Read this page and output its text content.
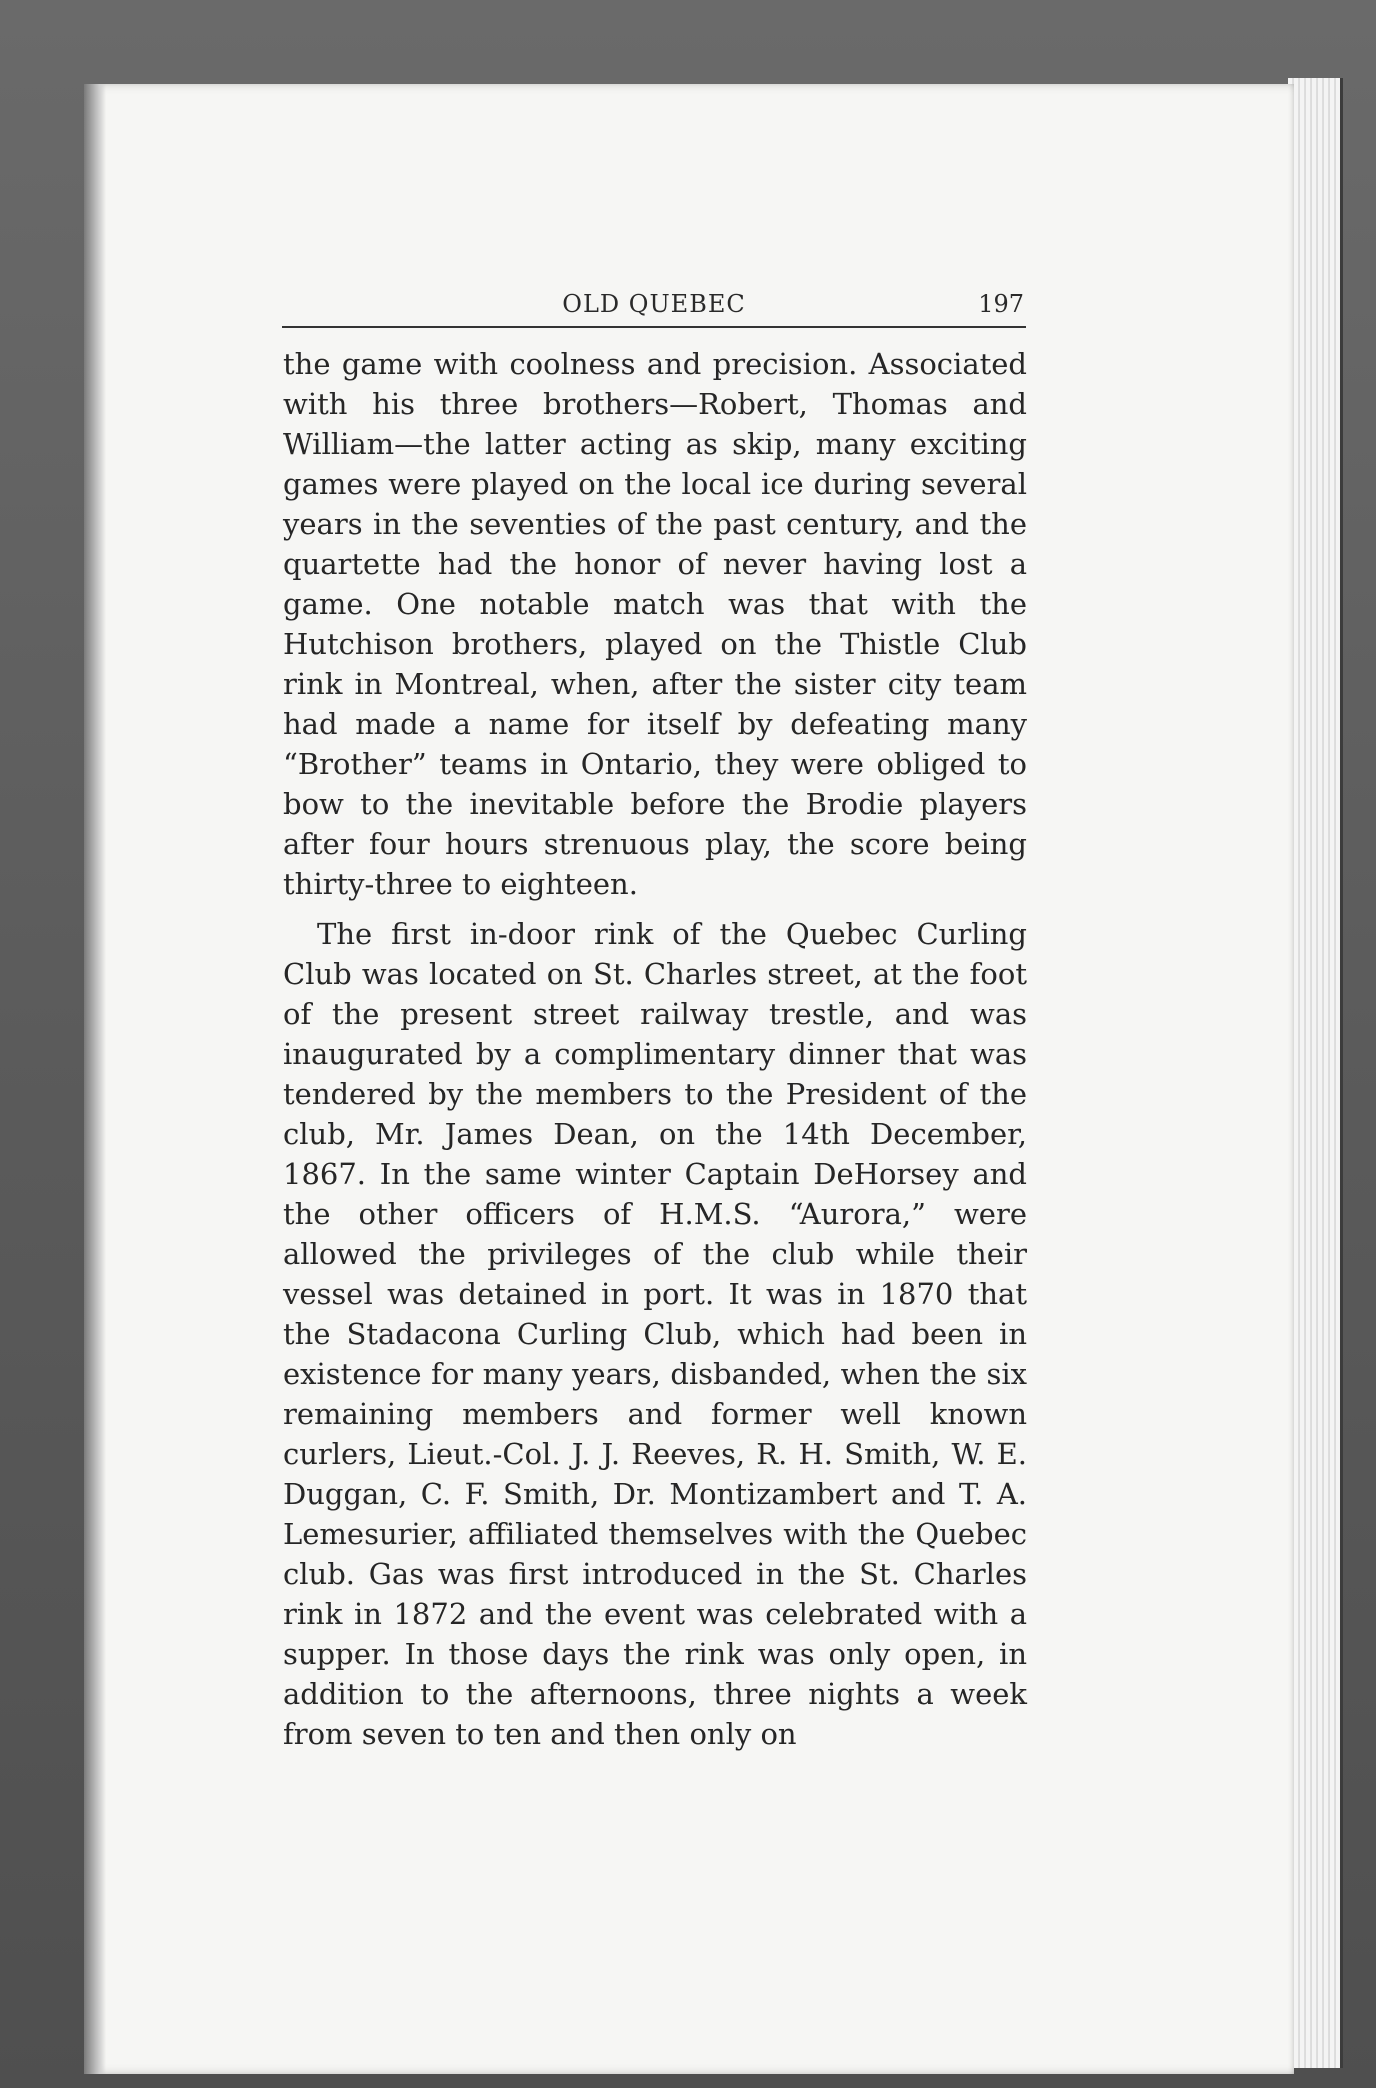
OLD QUEBEC	197

the game with coolness and precision. Associated with his three brothers—Robert, Thomas and William—the latter acting as skip, many exciting games were played on the local ice during several years in the seventies of the past century, and the quartette had the honor of never having lost a game. One notable match was that with the Hutchison brothers, played on the Thistle Club rink in Montreal, when, after the sister city team had made a name for itself by defeating many “Brother” teams in Ontario, they were obliged to bow to the inevitable before the Brodie players after four hours strenuous play, the score being thirty-three to eighteen.

The first in-door rink of the Quebec Curling Club was located on St. Charles street, at the foot of the present street railway trestle, and was inaugurated by a complimentary dinner that was tendered by the members to the President of the club, Mr. James Dean, on the 14th December, 1867. In the same winter Captain DeHorsey and the other officers of H.M.S. “Aurora,” were allowed the privileges of the club while their vessel was detained in port. It was in 1870 that the Stadacona Curling Club, which had been in existence for many years, disbanded, when the six remaining members and former well known curlers, Lieut.-Col. J. J. Reeves, R. H. Smith, W. E. Duggan, C. F. Smith, Dr. Montizambert and T. A. Lemesurier, affiliated themselves with the Quebec club. Gas was first introduced in the St. Charles rink in 1872 and the event was celebrated with a supper. In those days the rink was only open, in addition to the afternoons, three nights a week from seven to ten and then only on
